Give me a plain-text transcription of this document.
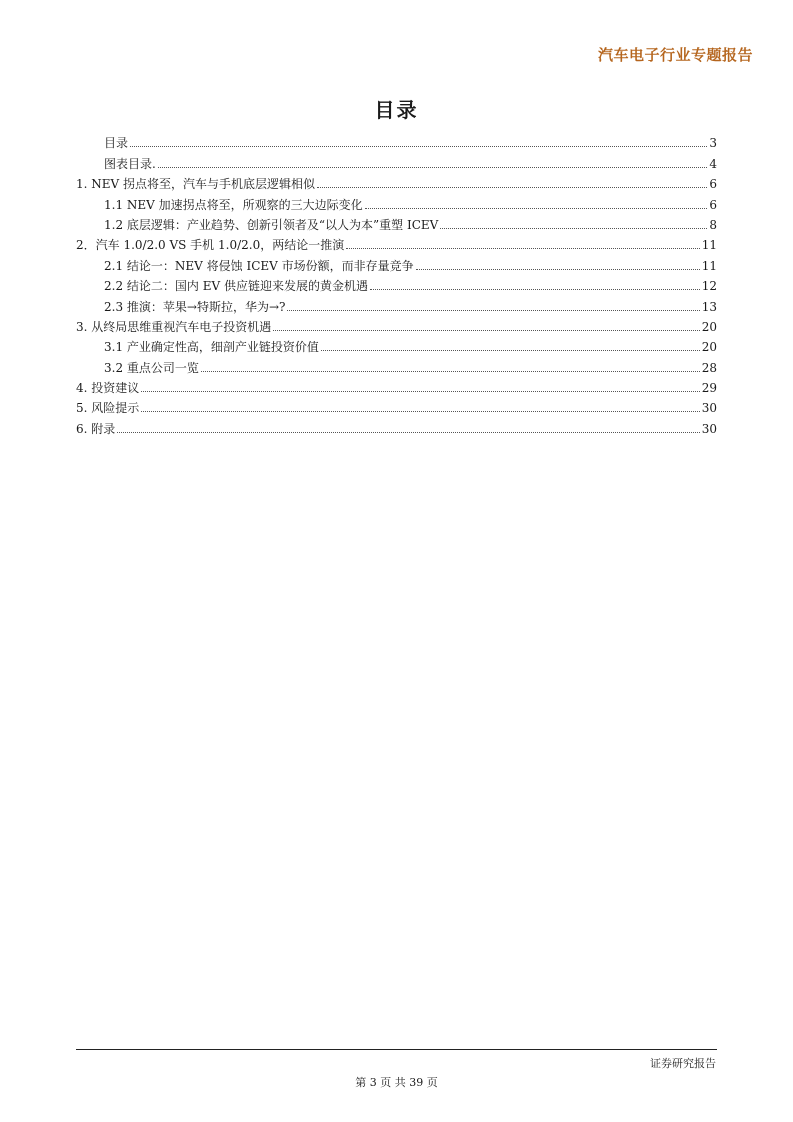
汽车电子行业专题报告
目录
目录	3
图表目录.	4
1. NEV 拐点将至，汽车与手机底层逻辑相似	6
1.1 NEV 加速拐点将至，所观察的三大边际变化	6
1.2 底层逻辑：产业趋势、创新引领者及“以人为本”重塑 ICEV	8
2．汽车 1.0/2.0 VS 手机 1.0/2.0，两结论一推演	11
2.1 结论一：NEV 将侵蚀 ICEV 市场份额，而非存量竞争	11
2.2 结论二：国内 EV 供应链迎来发展的黄金机遇	12
2.3 推演：苹果→特斯拉，华为→?	13
3. 从终局思维重视汽车电子投资机遇	20
3.1 产业确定性高，细剖产业链投资价值	20
3.2 重点公司一览	28
4. 投资建议	29
5. 风险提示	30
6. 附录	30
证券研究报告
第 3 页 共 39 页
